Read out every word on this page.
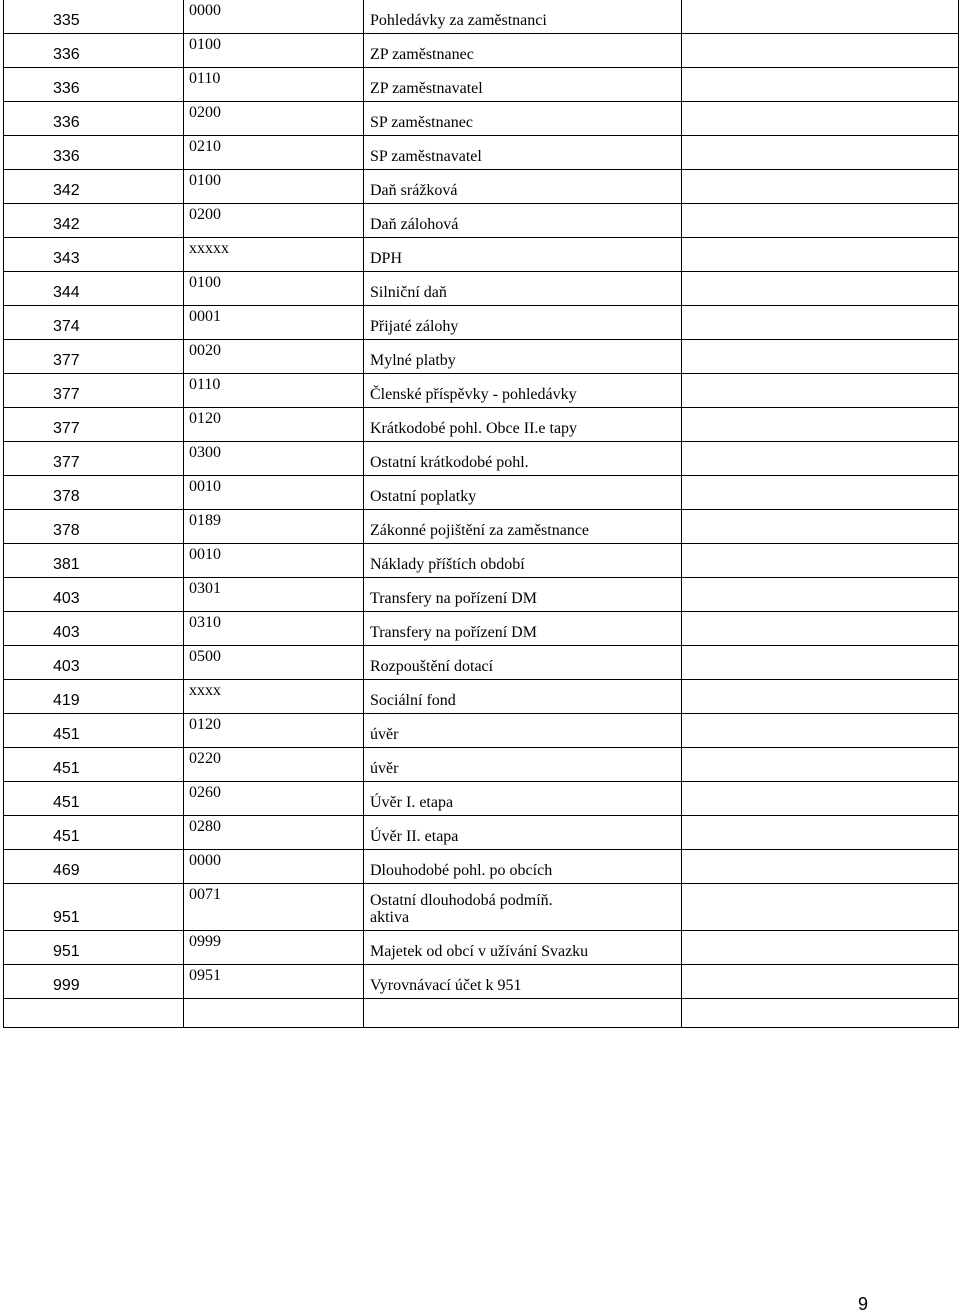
335	0000	Pohledávky za zaměstnanci	
336	0100	ZP zaměstnanec	
336	0110	ZP zaměstnavatel	
336	0200	SP zaměstnanec	
336	0210	SP zaměstnavatel	
342	0100	Daň srážková	
342	0200	Daň zálohová	
343	xxxxx	DPH	
344	0100	Silniční daň	
374	0001	Přijaté zálohy	
377	0020	Mylné platby	
377	0110	Členské příspěvky - pohledávky	
377	0120	Krátkodobé pohl. Obce II.e tapy	
377	0300	Ostatní krátkodobé pohl.	
378	0010	Ostatní poplatky	
378	0189	Zákonné pojištění za zaměstnance	
381	0010	Náklady příštích období	
403	0301	Transfery na pořízení DM	
403	0310	Transfery na pořízení DM	
403	0500	Rozpouštění dotací	
419	xxxx	Sociální fond	
451	0120	úvěr	
451	0220	úvěr	
451	0260	Úvěr I. etapa	
451	0280	Úvěr II. etapa	
469	0000	Dlouhodobé pohl. po obcích	
951	0071	Ostatní dlouhodobá podmíň.
aktiva	

951	0999	Majetek od obcí v užívání Svazku	
999	0951	Vyrovnávací účet k 951	

9
